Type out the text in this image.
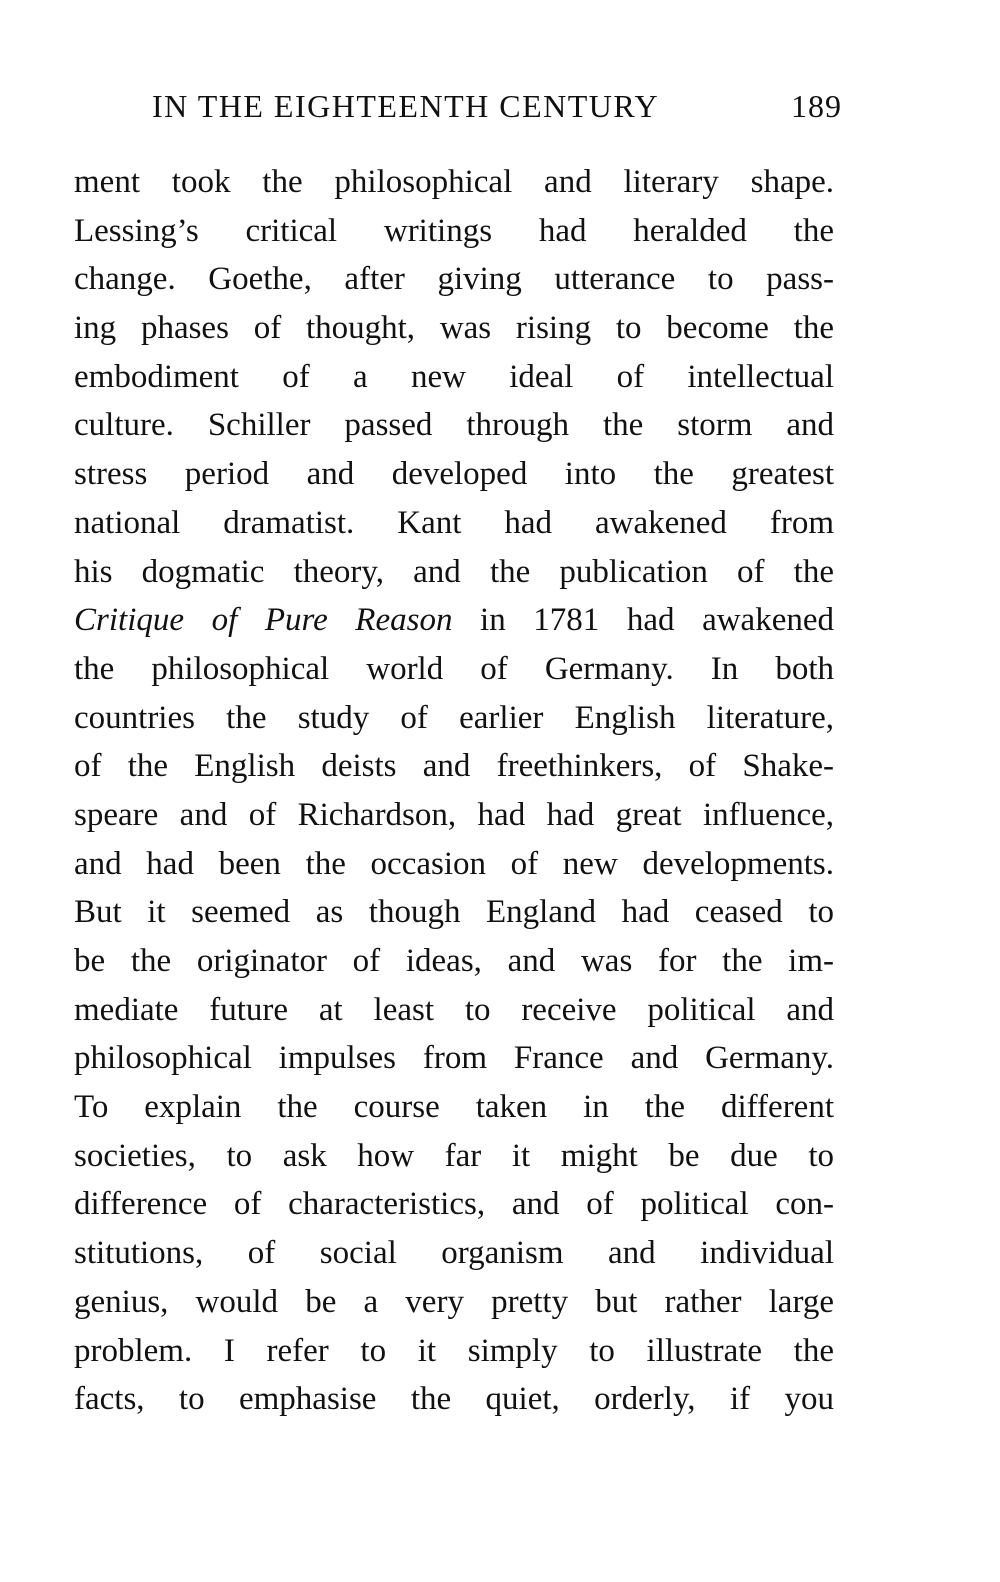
IN THE EIGHTEENTH CENTURY	189
ment took the philosophical and literary shape.
Lessing’s critical writings had heralded the
change. Goethe, after giving utterance to pass-
ing phases of thought, was rising to become the
embodiment of a new ideal of intellectual
culture. Schiller passed through the storm and
stress period and developed into the greatest
national dramatist. Kant had awakened from
his dogmatic theory, and the publication of the
Critique of Pure Reason in 1781 had awakened
the philosophical world of Germany. In both
countries the study of earlier English literature,
of the English deists and freethinkers, of Shake-
speare and of Richardson, had had great influence,
and had been the occasion of new developments.
But it seemed as though England had ceased to
be the originator of ideas, and was for the im-
mediate future at least to receive political and
philosophical impulses from France and Germany.
To explain the course taken in the different
societies, to ask how far it might be due to
difference of characteristics, and of political con-
stitutions, of social organism and individual
genius, would be a very pretty but rather large
problem. I refer to it simply to illustrate the
facts, to emphasise the quiet, orderly, if you
